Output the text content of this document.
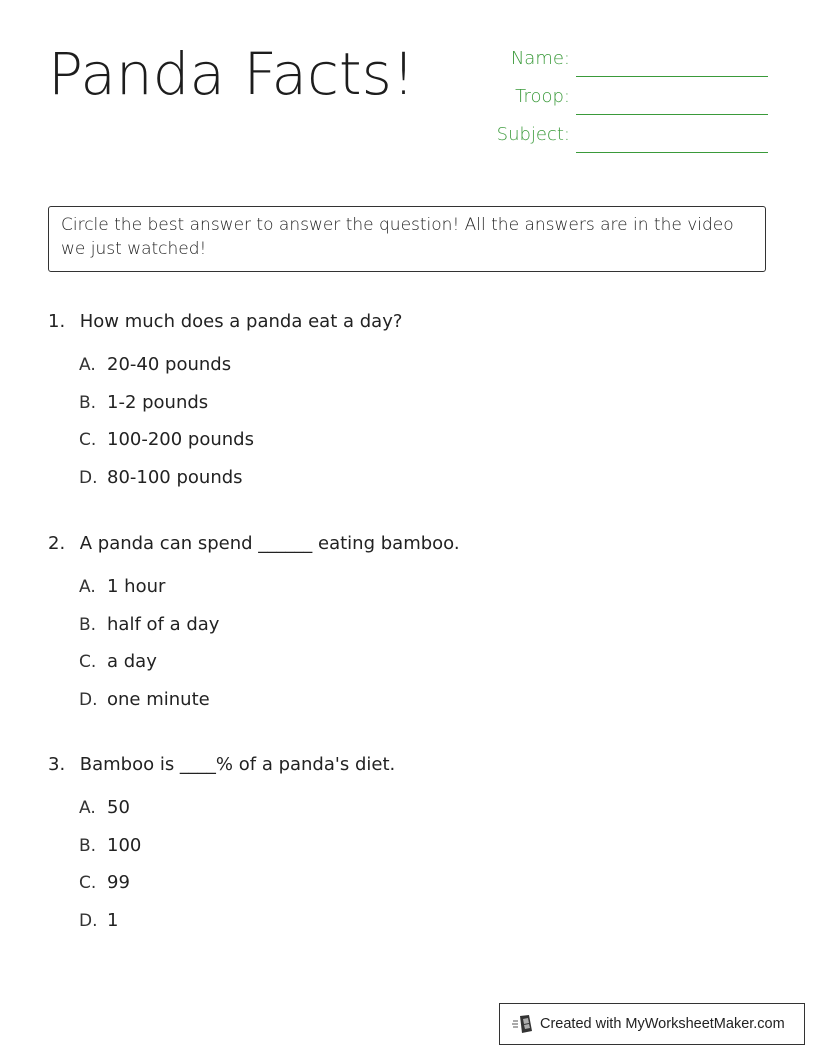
Panda Facts!	Name:
Troop:
Subject:
Circle the best answer to answer the question! All the answers are in the video we just watched!
1. How much does a panda eat a day?
A. 20-40 pounds
B. 1-2 pounds
C. 100-200 pounds
D. 80-100 pounds
2. A panda can spend ______ eating bamboo.
A. 1 hour
B. half of a day
C. a day
D. one minute
3. Bamboo is ____% of a panda's diet.
A. 50
B. 100
C. 99
D. 1
Created with MyWorksheetMaker.com
